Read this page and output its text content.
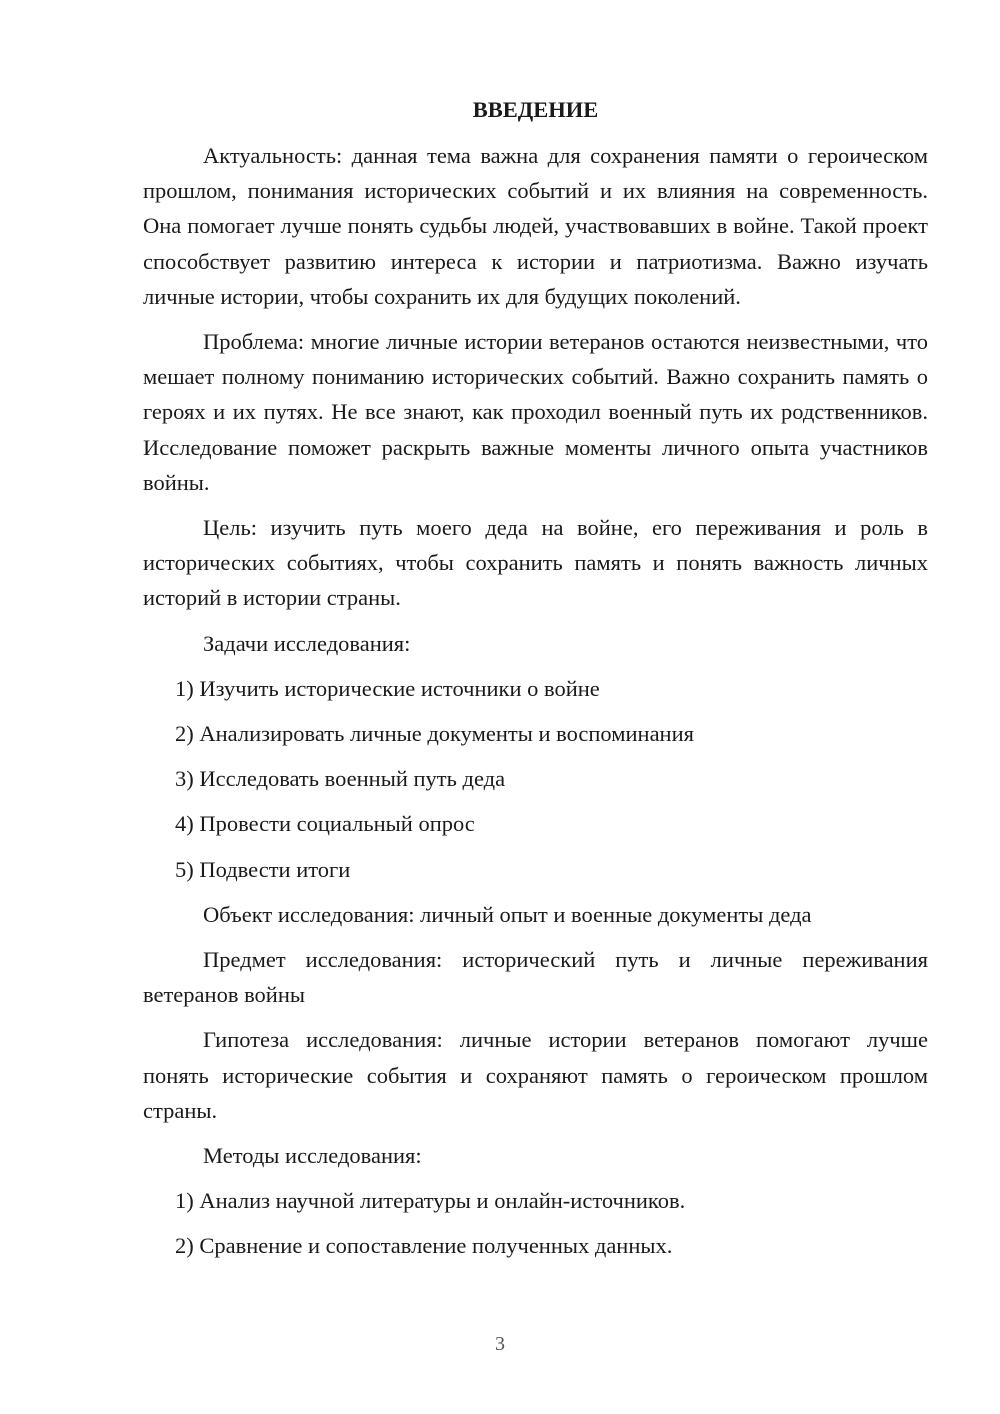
ВВЕДЕНИЕ

Актуальность: данная тема важна для сохранения памяти о героическом прошлом, понимания исторических событий и их влияния на современность. Она помогает лучше понять судьбы людей, участвовавших в войне. Такой проект способствует развитию интереса к истории и патриотизма. Важно изучать личные истории, чтобы сохранить их для будущих поколений.

Проблема: многие личные истории ветеранов остаются неизвестными, что мешает полному пониманию исторических событий. Важно сохранить память о героях и их путях. Не все знают, как проходил военный путь их родственников. Исследование поможет раскрыть важные моменты личного опыта участников войны.

Цель: изучить путь моего деда на войне, его переживания и роль в исторических событиях, чтобы сохранить память и понять важность личных историй в истории страны.

Задачи исследования:

1) Изучить исторические источники о войне
2) Анализировать личные документы и воспоминания
3) Исследовать военный путь деда
4) Провести социальный опрос
5) Подвести итоги

Объект исследования: личный опыт и военные документы деда

Предмет исследования: исторический путь и личные переживания ветеранов войны

Гипотеза исследования: личные истории ветеранов помогают лучше понять исторические события и сохраняют память о героическом прошлом страны.

Методы исследования:

1) Анализ научной литературы и онлайн-источников.
2) Сравнение и сопоставление полученных данных.
3
